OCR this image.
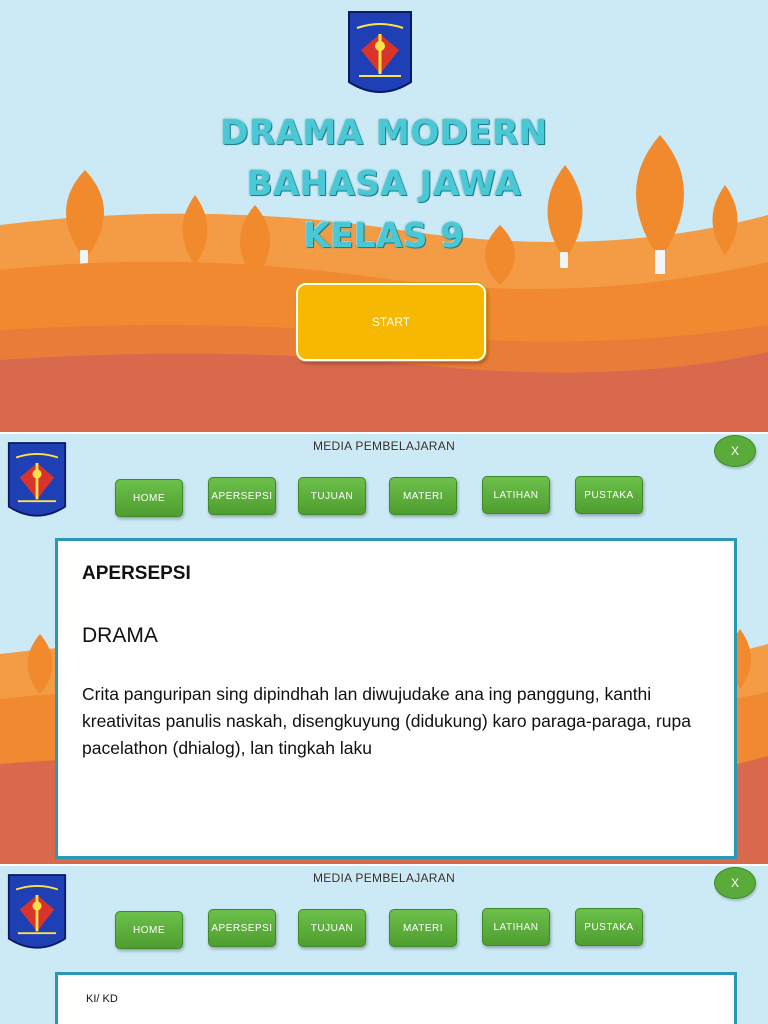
DRAMA MODERN
BAHASA JAWA
KELAS 9
START
MEDIA PEMBELAJARAN	X
HOME	APERSEPSI	TUJUAN	MATERI	LATIHAN	PUSTAKA
APERSEPSI
DRAMA
Crita panguripan sing dipindhah lan diwujudake ana ing panggung, kanthi kreativitas panulis naskah, disengkuyung (didukung) karo paraga-paraga, rupa pacelathon (dhialog), lan tingkah laku
MEDIA PEMBELAJARAN	X
HOME	APERSEPSI	TUJUAN	MATERI	LATIHAN	PUSTAKA
KI/ KD
